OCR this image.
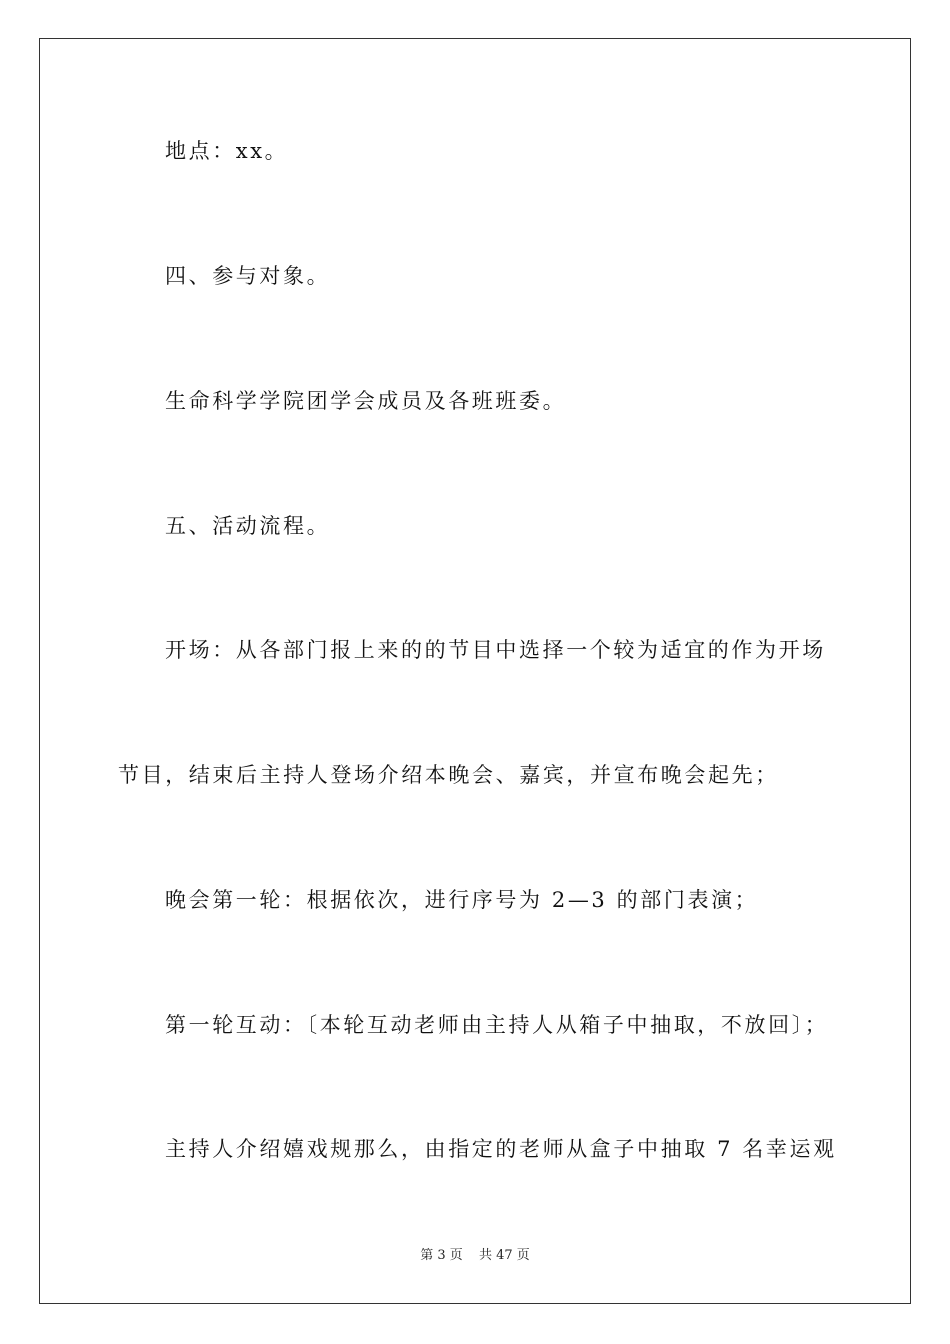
地点：xx。
四、参与对象。
生命科学学院团学会成员及各班班委。
五、活动流程。
开场：从各部门报上来的的节目中选择一个较为适宜的作为开场
节目，结束后主持人登场介绍本晚会、嘉宾，并宣布晚会起先；
晚会第一轮：根据依次，进行序号为 2—3 的部门表演；
第一轮互动：〔本轮互动老师由主持人从箱子中抽取，不放回〕；
主持人介绍嬉戏规那么，由指定的老师从盒子中抽取 7 名幸运观
第 3 页 共 47 页
